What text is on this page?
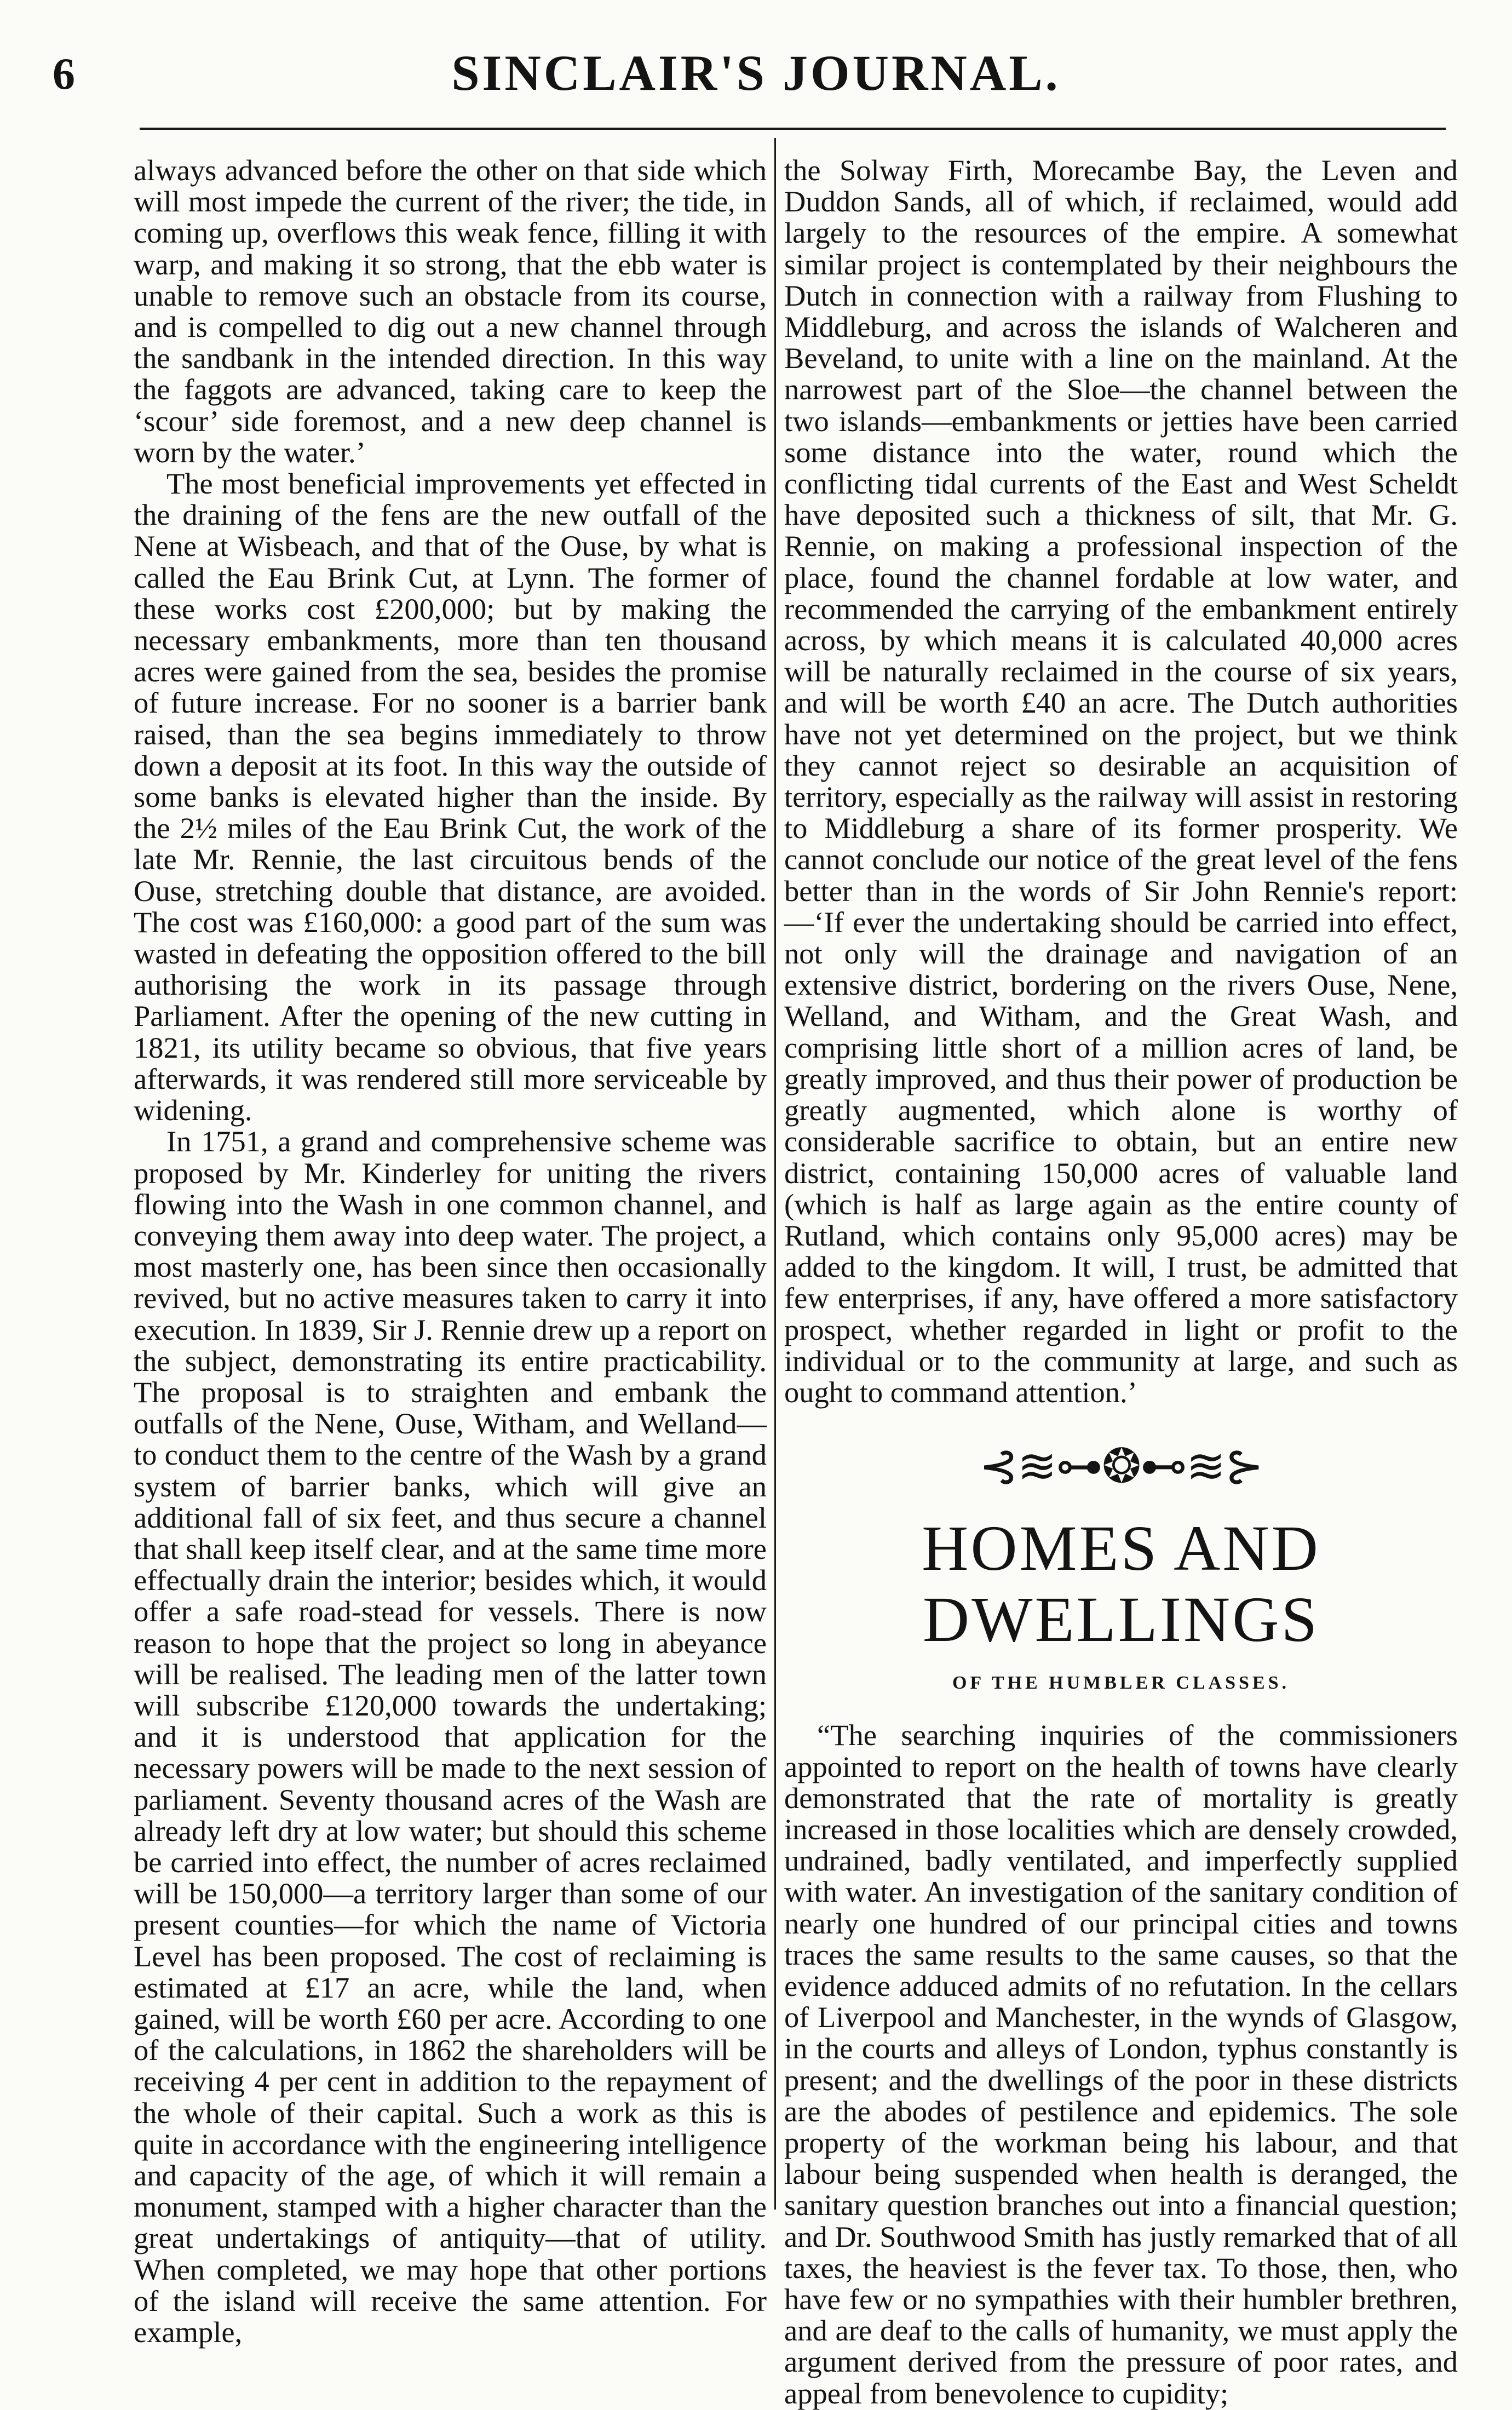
6	SINCLAIR'S JOURNAL.

always advanced before the other on that side which will most impede the current of the river; the tide, in coming up, overflows this weak fence, filling it with warp, and making it so strong, that the ebb water is unable to remove such an obstacle from its course, and is compelled to dig out a new channel through the sandbank in the intended direction. In this way the faggots are advanced, taking care to keep the ‘scour’ side foremost, and a new deep channel is worn by the water.’

The most beneficial improvements yet effected in the draining of the fens are the new outfall of the Nene at Wisbeach, and that of the Ouse, by what is called the Eau Brink Cut, at Lynn. The former of these works cost £200,000; but by making the necessary embankments, more than ten thousand acres were gained from the sea, besides the promise of future increase. For no sooner is a barrier bank raised, than the sea begins immediately to throw down a deposit at its foot. In this way the outside of some banks is elevated higher than the inside. By the 2½ miles of the Eau Brink Cut, the work of the late Mr. Rennie, the last circuitous bends of the Ouse, stretching double that distance, are avoided. The cost was £160,000: a good part of the sum was wasted in defeating the opposition offered to the bill authorising the work in its passage through Parliament. After the opening of the new cutting in 1821, its utility became so obvious, that five years afterwards, it was rendered still more serviceable by widening.

In 1751, a grand and comprehensive scheme was proposed by Mr. Kinderley for uniting the rivers flowing into the Wash in one common channel, and conveying them away into deep water. The project, a most masterly one, has been since then occasionally revived, but no active measures taken to carry it into execution. In 1839, Sir J. Rennie drew up a report on the subject, demonstrating its entire practicability. The proposal is to straighten and embank the outfalls of the Nene, Ouse, Witham, and Welland—to conduct them to the centre of the Wash by a grand system of barrier banks, which will give an additional fall of six feet, and thus secure a channel that shall keep itself clear, and at the same time more effectually drain the interior; besides which, it would offer a safe road-stead for vessels. There is now reason to hope that the project so long in abeyance will be realised. The leading men of the latter town will subscribe £120,000 towards the undertaking; and it is understood that application for the necessary powers will be made to the next session of parliament. Seventy thousand acres of the Wash are already left dry at low water; but should this scheme be carried into effect, the number of acres reclaimed will be 150,000—a territory larger than some of our present counties—for which the name of Victoria Level has been proposed. The cost of reclaiming is estimated at £17 an acre, while the land, when gained, will be worth £60 per acre. According to one of the calculations, in 1862 the shareholders will be receiving 4 per cent in addition to the repayment of the whole of their capital. Such a work as this is quite in accordance with the engineering intelligence and capacity of the age, of which it will remain a monument, stamped with a higher character than the great undertakings of antiquity—that of utility. When completed, we may hope that other portions of the island will receive the same attention. For example,

the Solway Firth, Morecambe Bay, the Leven and Duddon Sands, all of which, if reclaimed, would add largely to the resources of the empire. A somewhat similar project is contemplated by their neighbours the Dutch in connection with a railway from Flushing to Middleburg, and across the islands of Walcheren and Beveland, to unite with a line on the mainland. At the narrowest part of the Sloe—the channel between the two islands—embankments or jetties have been carried some distance into the water, round which the conflicting tidal currents of the East and West Scheldt have deposited such a thickness of silt, that Mr. G. Rennie, on making a professional inspection of the place, found the channel fordable at low water, and recommended the carrying of the embankment entirely across, by which means it is calculated 40,000 acres will be naturally reclaimed in the course of six years, and will be worth £40 an acre. The Dutch authorities have not yet determined on the project, but we think they cannot reject so desirable an acquisition of territory, especially as the railway will assist in restoring to Middleburg a share of its former prosperity. We cannot conclude our notice of the great level of the fens better than in the words of Sir John Rennie's report:—‘If ever the undertaking should be carried into effect, not only will the drainage and navigation of an extensive district, bordering on the rivers Ouse, Nene, Welland, and Witham, and the Great Wash, and comprising little short of a million acres of land, be greatly improved, and thus their power of production be greatly augmented, which alone is worthy of considerable sacrifice to obtain, but an entire new district, containing 150,000 acres of valuable land (which is half as large again as the entire county of Rutland, which contains only 95,000 acres) may be added to the kingdom. It will, I trust, be admitted that few enterprises, if any, have offered a more satisfactory prospect, whether regarded in light or profit to the individual or to the community at large, and such as ought to command attention.’

⊰≋⊶❂⊷≋⊱
HOMES AND DWELLINGS
OF THE HUMBLER CLASSES.

“The searching inquiries of the commissioners appointed to report on the health of towns have clearly demonstrated that the rate of mortality is greatly increased in those localities which are densely crowded, undrained, badly ventilated, and imperfectly supplied with water. An investigation of the sanitary condition of nearly one hundred of our principal cities and towns traces the same results to the same causes, so that the evidence adduced admits of no refutation. In the cellars of Liverpool and Manchester, in the wynds of Glasgow, in the courts and alleys of London, typhus constantly is present; and the dwellings of the poor in these districts are the abodes of pestilence and epidemics. The sole property of the workman being his labour, and that labour being suspended when health is deranged, the sanitary question branches out into a financial question; and Dr. Southwood Smith has justly remarked that of all taxes, the heaviest is the fever tax. To those, then, who have few or no sympathies with their humbler brethren, and are deaf to the calls of humanity, we must apply the argument derived from the pressure of poor rates, and appeal from benevolence to cupidity;
